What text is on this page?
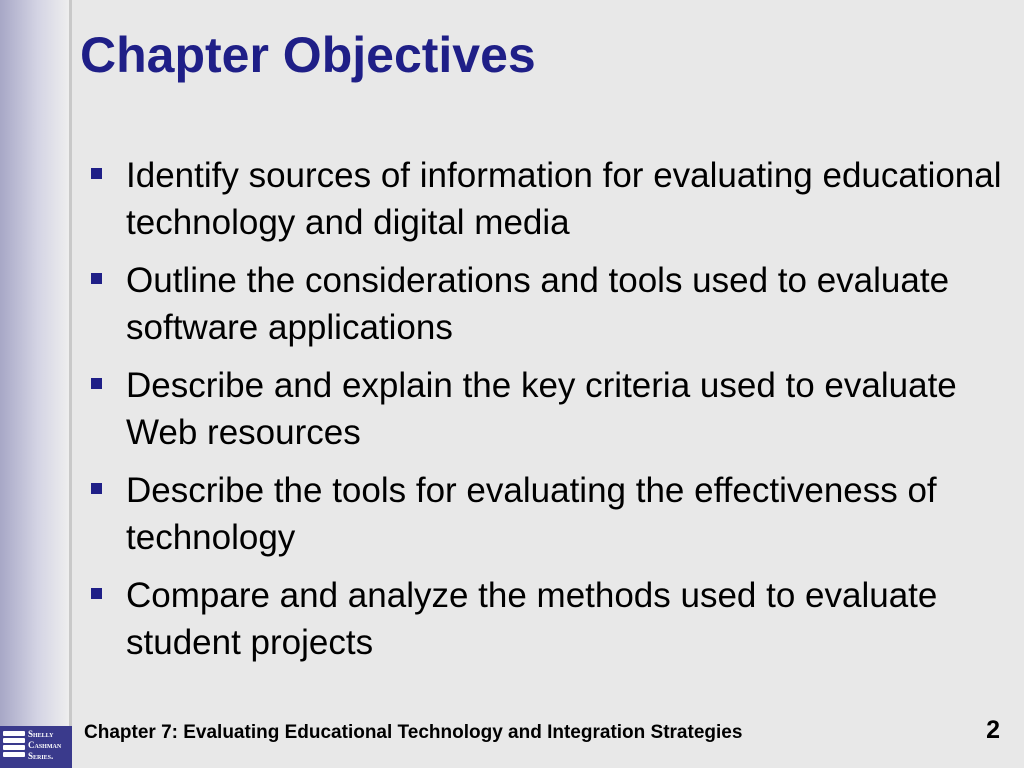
Chapter Objectives
Identify sources of information for evaluating educational technology and digital media
Outline the considerations and tools used to evaluate software applications
Describe and explain the key criteria used to evaluate Web resources
Describe the tools for evaluating the effectiveness of technology
Compare and analyze the methods used to evaluate student projects
Chapter 7: Evaluating Educational Technology and Integration Strategies	2
Shelly
Cashman
Series.
